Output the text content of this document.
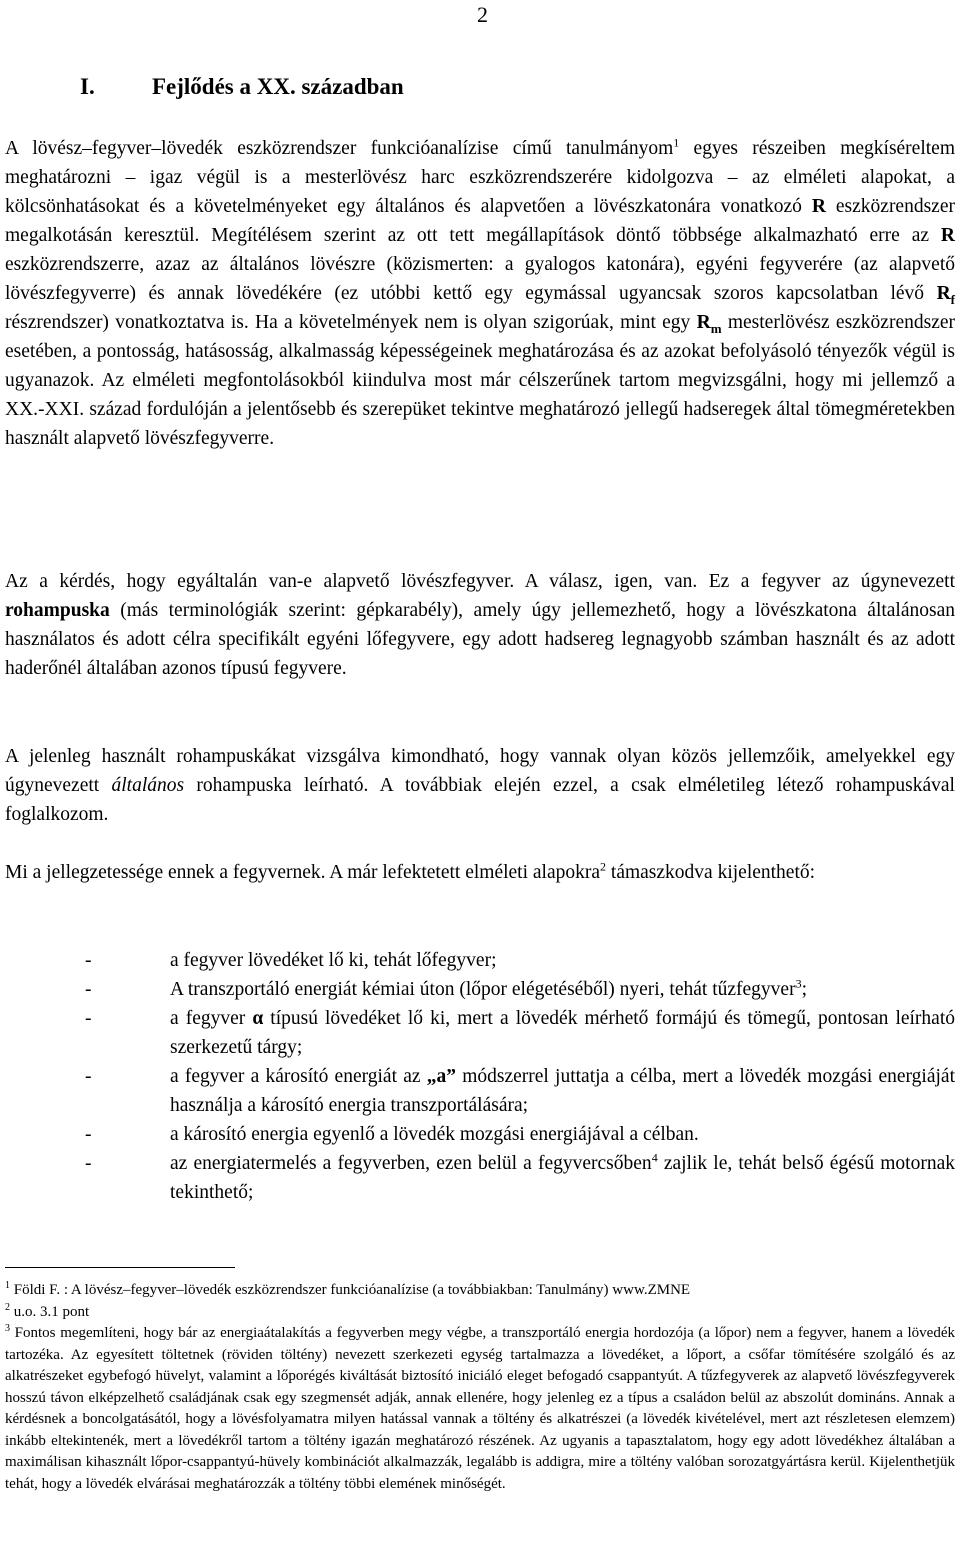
2
I. Fejlődés a XX. században
A lövész–fegyver–lövedék eszközrendszer funkcióanalízise című tanulmányom$^1$ egyes részeiben megkíséreltem meghatározni – igaz végül is a mesterlövész harc eszközrendszerére kidolgozva – az elméleti alapokat, a kölcsönhatásokat és a követelményeket egy általános és alapvetően a lövészkatonára vonatkozó R eszközrendszer megalkotásán keresztül. Megítélésem szerint az ott tett megállapítások döntő többsége alkalmazható erre az R eszközrendszerre, azaz az általános lövészre (közismerten: a gyalogos katonára), egyéni fegyverére (az alapvető lövészfegyverre) és annak lövedékére (ez utóbbi kettő egy egymással ugyancsak szoros kapcsolatban lévő $R_f$ részrendszer) vonatkoztatva is. Ha a követelmények nem is olyan szigorúak, mint egy $R_m$ mesterlövész eszközrendszer esetében, a pontosság, hatásosság, alkalmasság képességeinek meghatározása és az azokat befolyásoló tényezők végül is ugyanazok. Az elméleti megfontolásokból kiindulva most már célszerűnek tartom megvizsgálni, hogy mi jellemző a XX.-XXI. század fordulóján a jelentősebb és szerepüket tekintve meghatározó jellegű hadseregek által tömegméretekben használt alapvető lövészfegyverre.
Az a kérdés, hogy egyáltalán van-e alapvető lövészfegyver. A válasz, igen, van. Ez a fegyver az úgynevezett rohampuska (más terminológiák szerint: gépkarabély), amely úgy jellemezhető, hogy a lövészkatona általánosan használatos és adott célra specifikált egyéni lőfegyvere, egy adott hadsereg legnagyobb számban használt és az adott haderőnél általában azonos típusú fegyvere.
A jelenleg használt rohampuskákat vizsgálva kimondható, hogy vannak olyan közös jellemzőik, amelyekkel egy úgynevezett általános rohampuska leírható. A továbbiak elején ezzel, a csak elméletileg létező rohampuskával foglalkozom.
Mi a jellegzetessége ennek a fegyvernek. A már lefektetett elméleti alapokra$^2$ támaszkodva kijelenthető:
-	a fegyver lövedéket lő ki, tehát lőfegyver;
-	A transzportáló energiát kémiai úton (lőpor elégetéséből) nyeri, tehát tűzfegyver$^3$;
-	a fegyver α típusú lövedéket lő ki, mert a lövedék mérhető formájú és tömegű, pontosan leírható szerkezetű tárgy;
-	a fegyver a károsító energiát az „a” módszerrel juttatja a célba, mert a lövedék mozgási energiáját használja a károsító energia transzportálására;
-	a károsító energia egyenlő a lövedék mozgási energiájával a célban.
-	az energiatermelés a fegyverben, ezen belül a fegyvercsőben$^4$ zajlik le, tehát belső égésű motornak tekinthető;
$^1$ Földi F. : A lövész–fegyver–lövedék eszközrendszer funkcióanalízise (a továbbiakban: Tanulmány) www.ZMNE
$^2$ u.o. 3.1 pont
$^3$ Fontos megemlíteni, hogy bár az energiaátalakítás a fegyverben megy végbe, a transzportáló energia hordozója (a lőpor) nem a fegyver, hanem a lövedék tartozéka. Az egyesített töltetnek (röviden töltény) nevezett szerkezeti egység tartalmazza a lövedéket, a lőport, a csőfar tömítésére szolgáló és az alkatrészeket egybefogó hüvelyt, valamint a lőporégés kiváltását biztosító iniciáló eleget befogadó csappantyút. A tűzfegyverek az alapvető lövészfegyverek hosszú távon elképzelhető családjának csak egy szegmensét adják, annak ellenére, hogy jelenleg ez a típus a családon belül az abszolút domináns. Annak a kérdésnek a boncolgatásától, hogy a lövésfolyamatra milyen hatással vannak a töltény és alkatrészei (a lövedék kivételével, mert azt részletesen elemzem) inkább eltekintenék, mert a lövedékről tartom a töltény igazán meghatározó részének. Az ugyanis a tapasztalatom, hogy egy adott lövedékhez általában a maximálisan kihasznált lőpor-csappantyú-hüvely kombinációt alkalmazzák, legalább is addigra, mire a töltény valóban sorozatgyártásra kerül. Kijelenthetjük tehát, hogy a lövedék elvárásai meghatározzák a töltény többi elemének minőségét.
